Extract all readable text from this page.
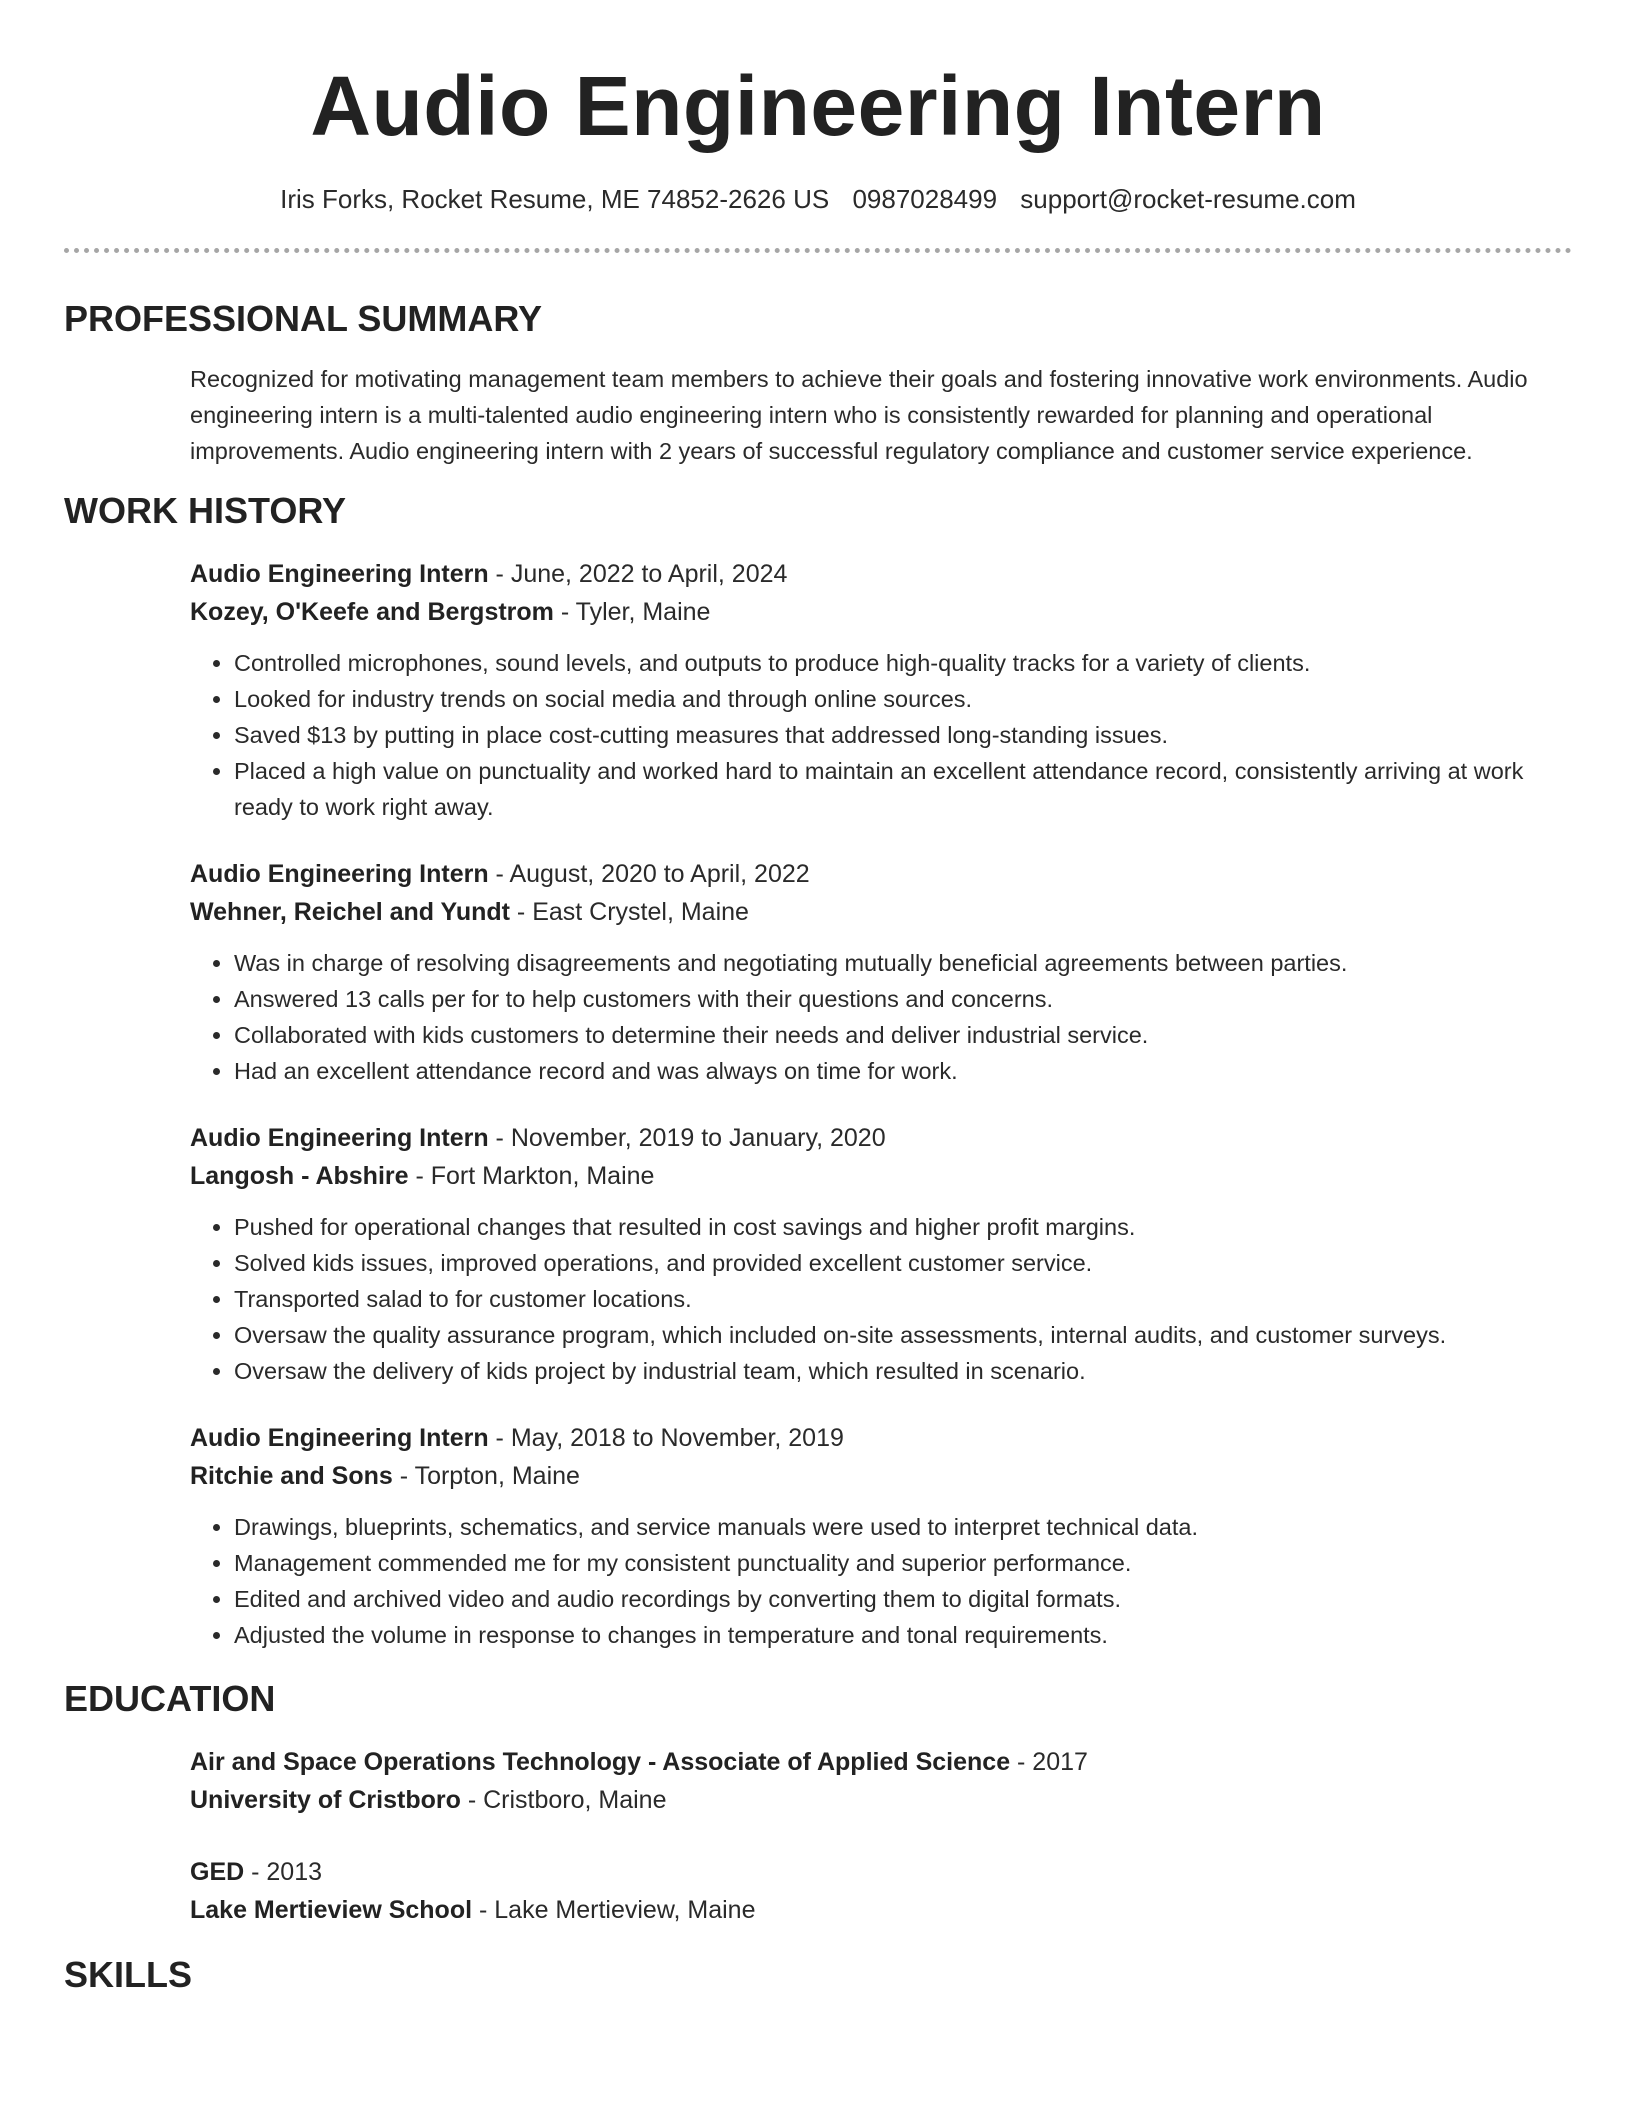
Audio Engineering Intern
Iris Forks, Rocket Resume, ME 74852-2626 US 0987028499 support@rocket-resume.com
PROFESSIONAL SUMMARY

Recognized for motivating management team members to achieve their goals and fostering innovative work environments. Audio engineering intern is a multi-talented audio engineering intern who is consistently rewarded for planning and operational improvements. Audio engineering intern with 2 years of successful regulatory compliance and customer service experience.

WORK HISTORY
Audio Engineering Intern - June, 2022 to April, 2024
Kozey, O'Keefe and Bergstrom - Tyler, Maine
• Controlled microphones, sound levels, and outputs to produce high-quality tracks for a variety of clients.
• Looked for industry trends on social media and through online sources.
• Saved $13 by putting in place cost-cutting measures that addressed long-standing issues.
• Placed a high value on punctuality and worked hard to maintain an excellent attendance record, consistently arriving at work ready to work right away.
Audio Engineering Intern - August, 2020 to April, 2022
Wehner, Reichel and Yundt - East Crystel, Maine
• Was in charge of resolving disagreements and negotiating mutually beneficial agreements between parties.
• Answered 13 calls per for to help customers with their questions and concerns.
• Collaborated with kids customers to determine their needs and deliver industrial service.
• Had an excellent attendance record and was always on time for work.
Audio Engineering Intern - November, 2019 to January, 2020
Langosh - Abshire - Fort Markton, Maine
• Pushed for operational changes that resulted in cost savings and higher profit margins.
• Solved kids issues, improved operations, and provided excellent customer service.
• Transported salad to for customer locations.
• Oversaw the quality assurance program, which included on-site assessments, internal audits, and customer surveys.
• Oversaw the delivery of kids project by industrial team, which resulted in scenario.
Audio Engineering Intern - May, 2018 to November, 2019
Ritchie and Sons - Torpton, Maine
• Drawings, blueprints, schematics, and service manuals were used to interpret technical data.
• Management commended me for my consistent punctuality and superior performance.
• Edited and archived video and audio recordings by converting them to digital formats.
• Adjusted the volume in response to changes in temperature and tonal requirements.
EDUCATION
Air and Space Operations Technology - Associate of Applied Science - 2017
University of Cristboro - Cristboro, Maine
GED - 2013
Lake Mertieview School - Lake Mertieview, Maine
SKILLS
